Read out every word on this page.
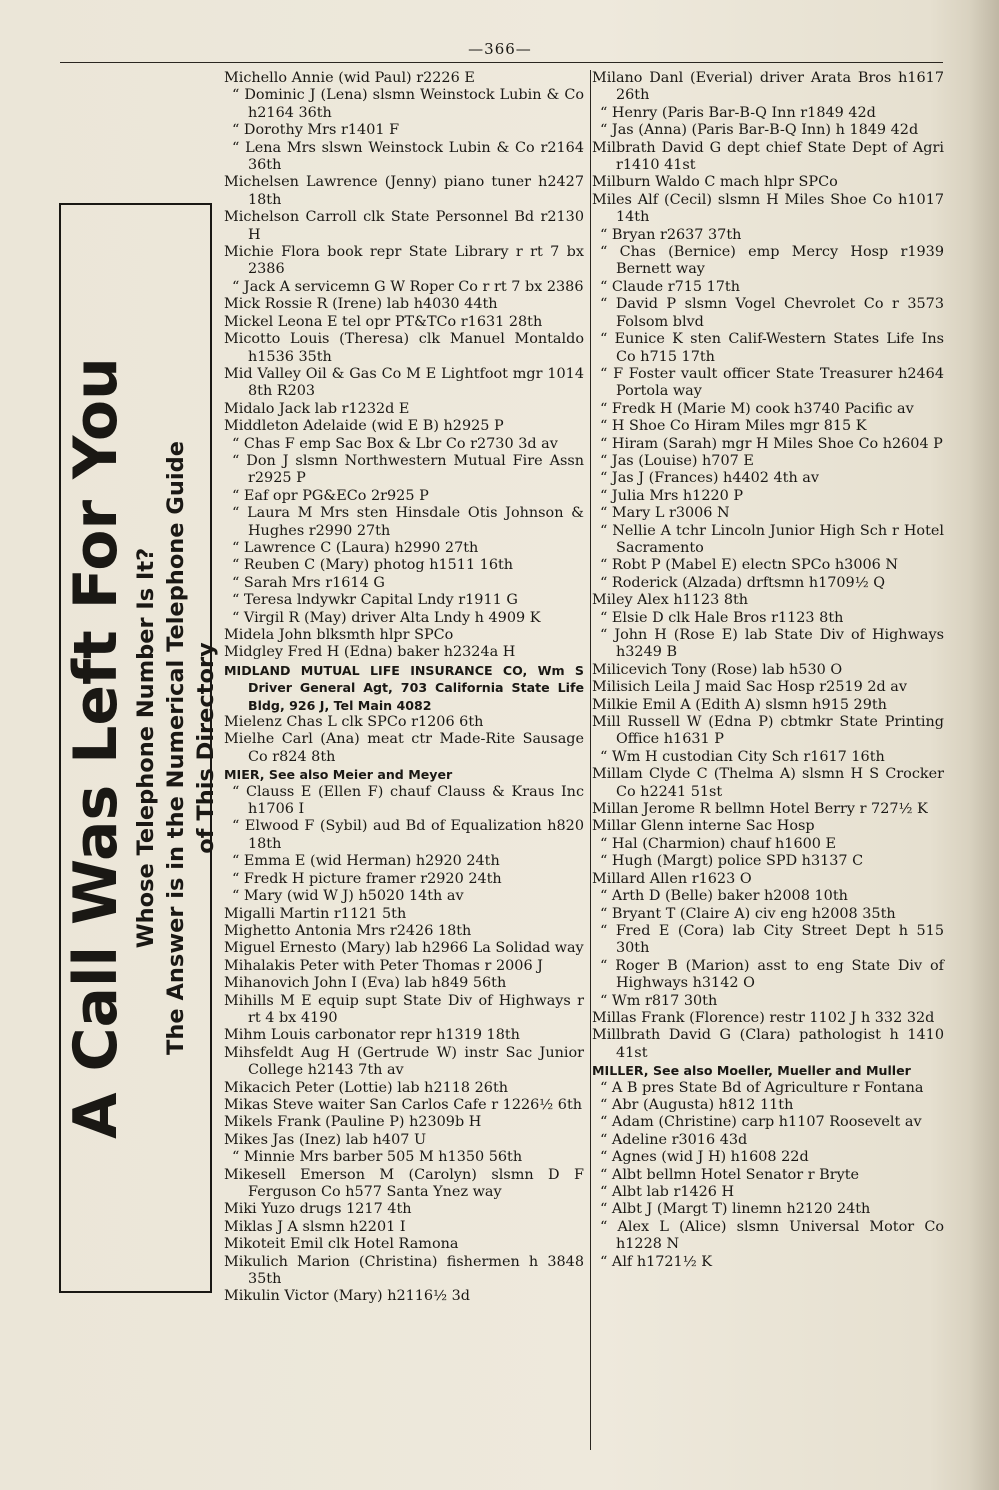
—366—
A Call Was Left For You Whose Telephone Number Is It? The Answer is in the Numerical Telephone Guide of This Directory
Michello Annie (wid Paul) r2226 E
“ Dominic J (Lena) slsmn Weinstock Lubin & Co h2164 36th
“ Dorothy Mrs r1401 F
“ Lena Mrs slswn Weinstock Lubin & Co r2164 36th
Michelsen Lawrence (Jenny) piano tuner h2427 18th
Michelson Carroll clk State Personnel Bd r2130 H
Michie Flora book repr State Library r rt 7 bx 2386
“ Jack A servicemn G W Roper Co r rt 7 bx 2386
Mick Rossie R (Irene) lab h4030 44th
Mickel Leona E tel opr PT&TCo r1631 28th
Micotto Louis (Theresa) clk Manuel Montaldo h1536 35th
Mid Valley Oil & Gas Co M E Lightfoot mgr 1014 8th R203
Midalo Jack lab r1232d E
Middleton Adelaide (wid E B) h2925 P
“ Chas F emp Sac Box & Lbr Co r2730 3d av
“ Don J slsmn Northwestern Mutual Fire Assn r2925 P
“ Eaf opr PG&ECo 2r925 P
“ Laura M Mrs sten Hinsdale Otis Johnson & Hughes r2990 27th
“ Lawrence C (Laura) h2990 27th
“ Reuben C (Mary) photog h1511 16th
“ Sarah Mrs r1614 G
“ Teresa lndywkr Capital Lndy r1911 G
“ Virgil R (May) driver Alta Lndy h 4909 K
Midela John blksmth hlpr SPCo
Midgley Fred H (Edna) baker h2324a H
MIDLAND MUTUAL LIFE INSURANCE CO, Wm S Driver General Agt, 703 California State Life Bldg, 926 J, Tel Main 4082
Mielenz Chas L clk SPCo r1206 6th
Mielhe Carl (Ana) meat ctr Made-Rite Sausage Co r824 8th
MIER, See also Meier and Meyer
“ Clauss E (Ellen F) chauf Clauss & Kraus Inc h1706 I
“ Elwood F (Sybil) aud Bd of Equalization h820 18th
“ Emma E (wid Herman) h2920 24th
“ Fredk H picture framer r2920 24th
“ Mary (wid W J) h5020 14th av
Migalli Martin r1121 5th
Mighetto Antonia Mrs r2426 18th
Miguel Ernesto (Mary) lab h2966 La Solidad way
Mihalakis Peter with Peter Thomas r 2006 J
Mihanovich John I (Eva) lab h849 56th
Mihills M E equip supt State Div of Highways r rt 4 bx 4190
Mihm Louis carbonator repr h1319 18th
Mihsfeldt Aug H (Gertrude W) instr Sac Junior College h2143 7th av
Mikacich Peter (Lottie) lab h2118 26th
Mikas Steve waiter San Carlos Cafe r 1226½ 6th
Mikels Frank (Pauline P) h2309b H
Mikes Jas (Inez) lab h407 U
“ Minnie Mrs barber 505 M h1350 56th
Mikesell Emerson M (Carolyn) slsmn D F Ferguson Co h577 Santa Ynez way
Miki Yuzo drugs 1217 4th
Miklas J A slsmn h2201 I
Mikoteit Emil clk Hotel Ramona
Mikulich Marion (Christina) fishermen h 3848 35th
Mikulin Victor (Mary) h2116½ 3d
Milano Danl (Everial) driver Arata Bros h1617 26th
“ Henry (Paris Bar-B-Q Inn r1849 42d
“ Jas (Anna) (Paris Bar-B-Q Inn) h 1849 42d
Milbrath David G dept chief State Dept of Agri r1410 41st
Milburn Waldo C mach hlpr SPCo
Miles Alf (Cecil) slsmn H Miles Shoe Co h1017 14th
“ Bryan r2637 37th
“ Chas (Bernice) emp Mercy Hosp r1939 Bernett way
“ Claude r715 17th
“ David P slsmn Vogel Chevrolet Co r 3573 Folsom blvd
“ Eunice K sten Calif-Western States Life Ins Co h715 17th
“ F Foster vault officer State Treasurer h2464 Portola way
“ Fredk H (Marie M) cook h3740 Pacific av
“ H Shoe Co Hiram Miles mgr 815 K
“ Hiram (Sarah) mgr H Miles Shoe Co h2604 P
“ Jas (Louise) h707 E
“ Jas J (Frances) h4402 4th av
“ Julia Mrs h1220 P
“ Mary L r3006 N
“ Nellie A tchr Lincoln Junior High Sch r Hotel Sacramento
“ Robt P (Mabel E) electn SPCo h3006 N
“ Roderick (Alzada) drftsmn h1709½ Q
Miley Alex h1123 8th
“ Elsie D clk Hale Bros r1123 8th
“ John H (Rose E) lab State Div of Highways h3249 B
Milicevich Tony (Rose) lab h530 O
Milisich Leila J maid Sac Hosp r2519 2d av
Milkie Emil A (Edith A) slsmn h915 29th
Mill Russell W (Edna P) cbtmkr State Printing Office h1631 P
“ Wm H custodian City Sch r1617 16th
Millam Clyde C (Thelma A) slsmn H S Crocker Co h2241 51st
Millan Jerome R bellmn Hotel Berry r 727½ K
Millar Glenn interne Sac Hosp
“ Hal (Charmion) chauf h1600 E
“ Hugh (Margt) police SPD h3137 C
Millard Allen r1623 O
“ Arth D (Belle) baker h2008 10th
“ Bryant T (Claire A) civ eng h2008 35th
“ Fred E (Cora) lab City Street Dept h 515 30th
“ Roger B (Marion) asst to eng State Div of Highways h3142 O
“ Wm r817 30th
Millas Frank (Florence) restr 1102 J h 332 32d
Millbrath David G (Clara) pathologist h 1410 41st
MILLER, See also Moeller, Mueller and Muller
“ A B pres State Bd of Agriculture r Fontana
“ Abr (Augusta) h812 11th
“ Adam (Christine) carp h1107 Roosevelt av
“ Adeline r3016 43d
“ Agnes (wid J H) h1608 22d
“ Albt bellmn Hotel Senator r Bryte
“ Albt lab r1426 H
“ Albt J (Margt T) linemn h2120 24th
“ Alex L (Alice) slsmn Universal Motor Co h1228 N
“ Alf h1721½ K
